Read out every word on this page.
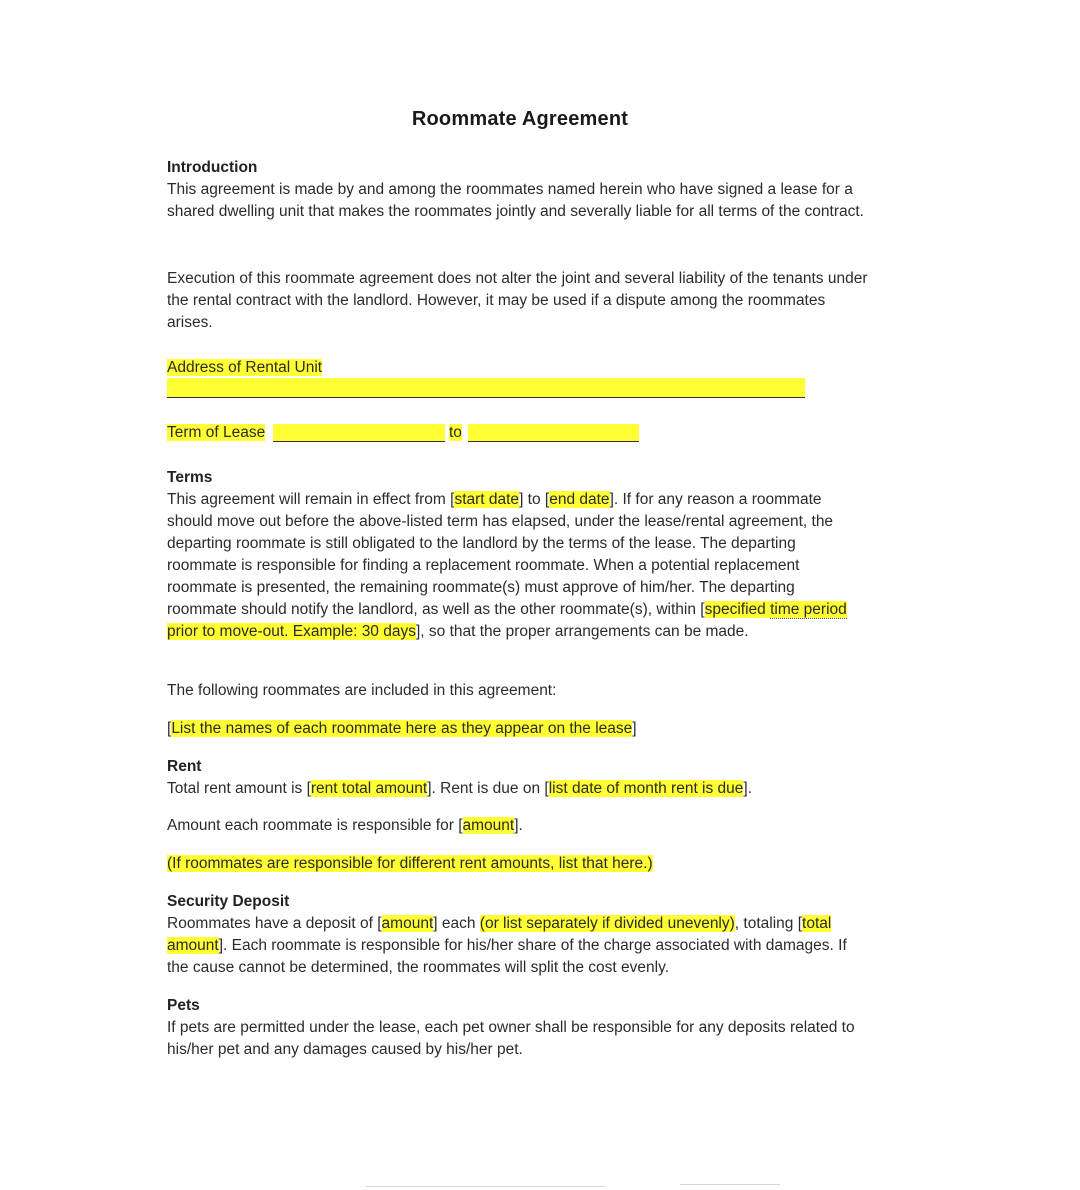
Roommate Agreement
Introduction
This agreement is made by and among the roommates named herein who have signed a lease for a shared dwelling unit that makes the roommates jointly and severally liable for all terms of the contract.
Execution of this roommate agreement does not alter the joint and several liability of the tenants under the rental contract with the landlord. However, it may be used if a dispute among the roommates arises.
Address of Rental Unit
Term of Lease	to
Terms
This agreement will remain in effect from [start date] to [end date]. If for any reason a roommate should move out before the above-listed term has elapsed, under the lease/rental agreement, the departing roommate is still obligated to the landlord by the terms of the lease. The departing roommate is responsible for finding a replacement roommate. When a potential replacement roommate is presented, the remaining roommate(s) must approve of him/her. The departing roommate should notify the landlord, as well as the other roommate(s), within [specified time period prior to move-out. Example: 30 days], so that the proper arrangements can be made.
The following roommates are included in this agreement:
[List the names of each roommate here as they appear on the lease]
Rent
Total rent amount is [rent total amount]. Rent is due on [list date of month rent is due].
Amount each roommate is responsible for [amount].
(If roommates are responsible for different rent amounts, list that here.)
Security Deposit
Roommates have a deposit of [amount] each (or list separately if divided unevenly), totaling [total amount]. Each roommate is responsible for his/her share of the charge associated with damages. If the cause cannot be determined, the roommates will split the cost evenly.
Pets
If pets are permitted under the lease, each pet owner shall be responsible for any deposits related to his/her pet and any damages caused by his/her pet.
